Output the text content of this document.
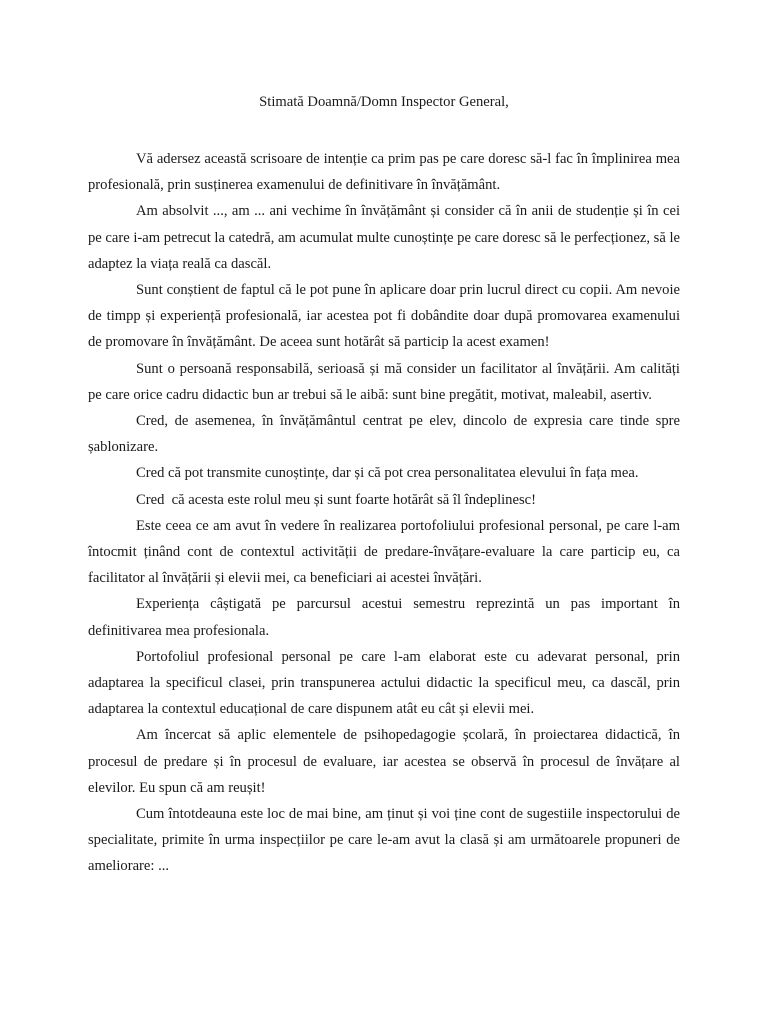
Stimată Doamnă/Domn Inspector General,

Vă adersez această scrisoare de intenție ca prim pas pe care doresc să-l fac în împlinirea mea profesională, prin susținerea examenului de definitivare în învățământ.

Am absolvit ..., am ... ani vechime în învățământ și consider că în anii de studenție și în cei pe care i-am petrecut la catedră, am acumulat multe cunoștințe pe care doresc să le perfecționez, să le adaptez la viața reală ca dascăl.

Sunt conștient de faptul că le pot pune în aplicare doar prin lucrul direct cu copii. Am nevoie de timpp și experiență profesională, iar acestea pot fi dobândite doar după promovarea examenului de promovare în învățământ. De aceea sunt hotărât să particip la acest examen!

Sunt o persoană responsabilă, serioasă și mă consider un facilitator al învățării. Am calități pe care orice cadru didactic bun ar trebui să le aibă: sunt bine pregătit, motivat, maleabil, asertiv.

Cred, de asemenea, în învățământul centrat pe elev, dincolo de expresia care tinde spre șablonizare.

Cred că pot transmite cunoștințe, dar și că pot crea personalitatea elevului în fața mea.

Cred  că acesta este rolul meu și sunt foarte hotărât să îl îndeplinesc!

Este ceea ce am avut în vedere în realizarea portofoliului profesional personal, pe care l-am întocmit ținând cont de contextul activității de predare-învățare-evaluare la care particip eu, ca facilitator al învățării și elevii mei, ca beneficiari ai acestei învățări.

Experiența câștigată pe parcursul acestui semestru reprezintă un pas important în definitivarea mea profesionala.

Portofoliul profesional personal pe care l-am elaborat este cu adevarat personal, prin adaptarea la specificul clasei, prin transpunerea actului didactic la specificul meu, ca dascăl, prin adaptarea la contextul educațional de care dispunem atât eu cât și elevii mei.

Am încercat să aplic elementele de psihopedagogie școlară, în proiectarea didactică, în procesul de predare și în procesul de evaluare, iar acestea se observă în procesul de învățare al elevilor. Eu spun că am reușit!

Cum întotdeauna este loc de mai bine, am ținut și voi ține cont de sugestiile inspectorului de specialitate, primite în urma inspecțiilor pe care le-am avut la clasă și am următoarele propuneri de ameliorare: ...
